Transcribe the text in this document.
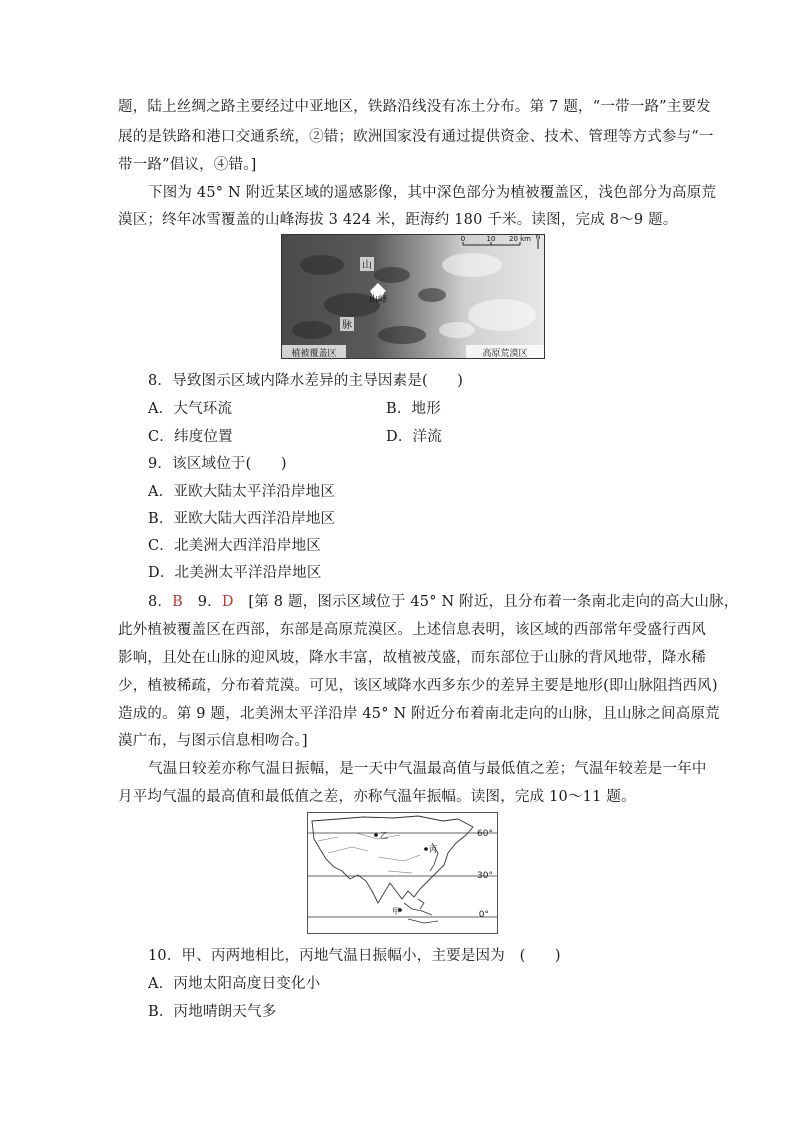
题，陆上丝绸之路主要经过中亚地区，铁路沿线没有冻土分布。第 7 题，“一带一路”主要发
展的是铁路和港口交通系统，②错；欧洲国家没有通过提供资金、技术、管理等方式参与“一
带一路”倡议，④错。]
下图为 45° N 附近某区域的遥感影像，其中深色部分为植被覆盖区，浅色部分为高原荒
漠区；终年冰雪覆盖的山峰海拔 3 424 米，距海约 180 千米。读图，完成 8～9 题。
山
山峰
脉
植被覆盖区	高原荒漠区
0	10 20 km N
8．导致图示区域内降水差异的主导因素是(　　)
A．大气环流	B．地形
C．纬度位置	D．洋流
9．该区域位于(　　)
A．亚欧大陆太平洋沿岸地区
B．亚欧大陆大西洋沿岸地区
C．北美洲大西洋沿岸地区
D．北美洲太平洋沿岸地区
8．B　9．D　[第 8 题，图示区域位于 45° N 附近，且分布着一条南北走向的高大山脉，
此外植被覆盖区在西部，东部是高原荒漠区。上述信息表明，该区域的西部常年受盛行西风
影响，且处在山脉的迎风坡，降水丰富，故植被茂盛，而东部位于山脉的背风地带，降水稀
少，植被稀疏，分布着荒漠。可见，该区域降水西多东少的差异主要是地形(即山脉阻挡西风)
造成的。第 9 题，北美洲太平洋沿岸 45° N 附近分布着南北走向的山脉，且山脉之间高原荒
漠广布，与图示信息相吻合。]
气温日较差亦称气温日振幅，是一天中气温最高值与最低值之差；气温年较差是一年中
月平均气温的最高值和最低值之差，亦称气温年振幅。读图，完成 10～11 题。
乙
丙
甲
60°
30°
0°
10．甲、丙两地相比，丙地气温日振幅小，主要是因为　(　　)
A．丙地太阳高度日变化小
B．丙地晴朗天气多
